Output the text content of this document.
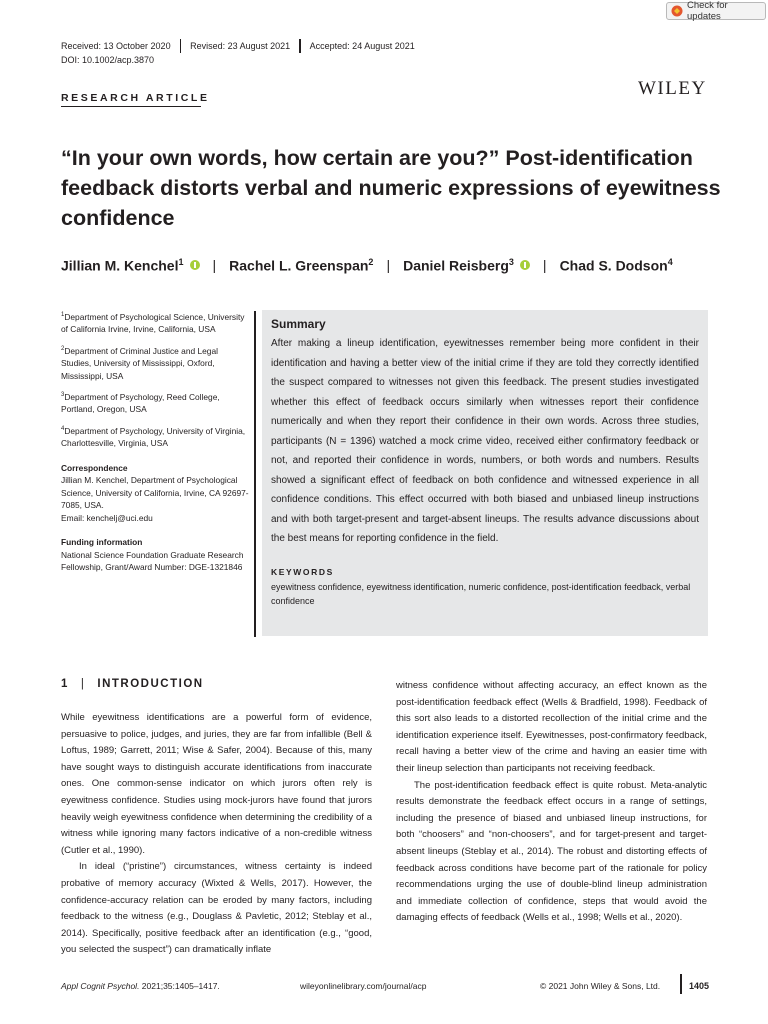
Check for updates
Received: 13 October 2020 Revised: 23 August 2021 Accepted: 24 August 2021
DOI: 10.1002/acp.3870
RESEARCH ARTICLE	WILEY
“In your own words, how certain are you?” Post-identification feedback distorts verbal and numeric expressions of eyewitness confidence
Jillian M. Kenchel$^1$ | Rachel L. Greenspan$^2$ | Daniel Reisberg$^3$ | Chad S. Dodson$^4$

$^1$Department of Psychological Science, University of California Irvine, Irvine, California, USA

$^2$Department of Criminal Justice and Legal Studies, University of Mississippi, Oxford, Mississippi, USA

$^3$Department of Psychology, Reed College, Portland, Oregon, USA

$^4$Department of Psychology, University of Virginia, Charlottesville, Virginia, USA

Correspondence
Jillian M. Kenchel, Department of Psychological Science, University of California, Irvine, CA 92697-7085, USA.
Email: kenchelj@uci.edu
Funding information
National Science Foundation Graduate Research Fellowship, Grant/Award Number: DGE-1321846
Summary

After making a lineup identification, eyewitnesses remember being more confident in their identification and having a better view of the initial crime if they are told they correctly identified the suspect compared to witnesses not given this feedback. The present studies investigated whether this effect of feedback occurs similarly when witnesses report their confidence numerically and when they report their confidence in their own words. Across three studies, participants (N = 1396) watched a mock crime video, received either confirmatory feedback or not, and reported their confidence in words, numbers, or both words and numbers. Results showed a significant effect of feedback on both confidence and witnessed experience in all confidence conditions. This effect occurred with both biased and unbiased lineup instructions and with both target-present and target-absent lineups. The results advance discussions about the best means for reporting confidence in the field.

KEYWORDS

eyewitness confidence, eyewitness identification, numeric confidence, post-identification feedback, verbal confidence

1 | INTRODUCTION

While eyewitness identifications are a powerful form of evidence, persuasive to police, judges, and juries, they are far from infallible (Bell & Loftus, 1989; Garrett, 2011; Wise & Safer, 2004). Because of this, many have sought ways to distinguish accurate identifications from inaccurate ones. One common-sense indicator on which jurors often rely is eyewitness confidence. Studies using mock-jurors have found that jurors heavily weigh eyewitness confidence when determining the credibility of a witness while ignoring many factors indicative of a non-credible witness (Cutler et al., 1990).

In ideal (“pristine”) circumstances, witness certainty is indeed probative of memory accuracy (Wixted & Wells, 2017). However, the confidence-accuracy relation can be eroded by many factors, including feedback to the witness (e.g., Douglass & Pavletic, 2012; Steblay et al., 2014). Specifically, positive feedback after an identification (e.g., “good, you selected the suspect”) can dramatically inflate

witness confidence without affecting accuracy, an effect known as the post-identification feedback effect (Wells & Bradfield, 1998). Feedback of this sort also leads to a distorted recollection of the initial crime and the identification experience itself. Eyewitnesses, post-confirmatory feedback, recall having a better view of the crime and having an easier time with their lineup selection than participants not receiving feedback.

The post-identification feedback effect is quite robust. Meta-analytic results demonstrate the feedback effect occurs in a range of settings, including the presence of biased and unbiased lineup instructions, for both “choosers” and “non-choosers”, and for target-present and target-absent lineups (Steblay et al., 2014). The robust and distorting effects of feedback across conditions have become part of the rationale for policy recommendations urging the use of double-blind lineup administration and immediate collection of confidence, steps that would avoid the damaging effects of feedback (Wells et al., 1998; Wells et al., 2020).

Appl Cognit Psychol. 2021;35:1405–1417.	wileyonlinelibrary.com/journal/acp	© 2021 John Wiley & Sons, Ltd.	1405
